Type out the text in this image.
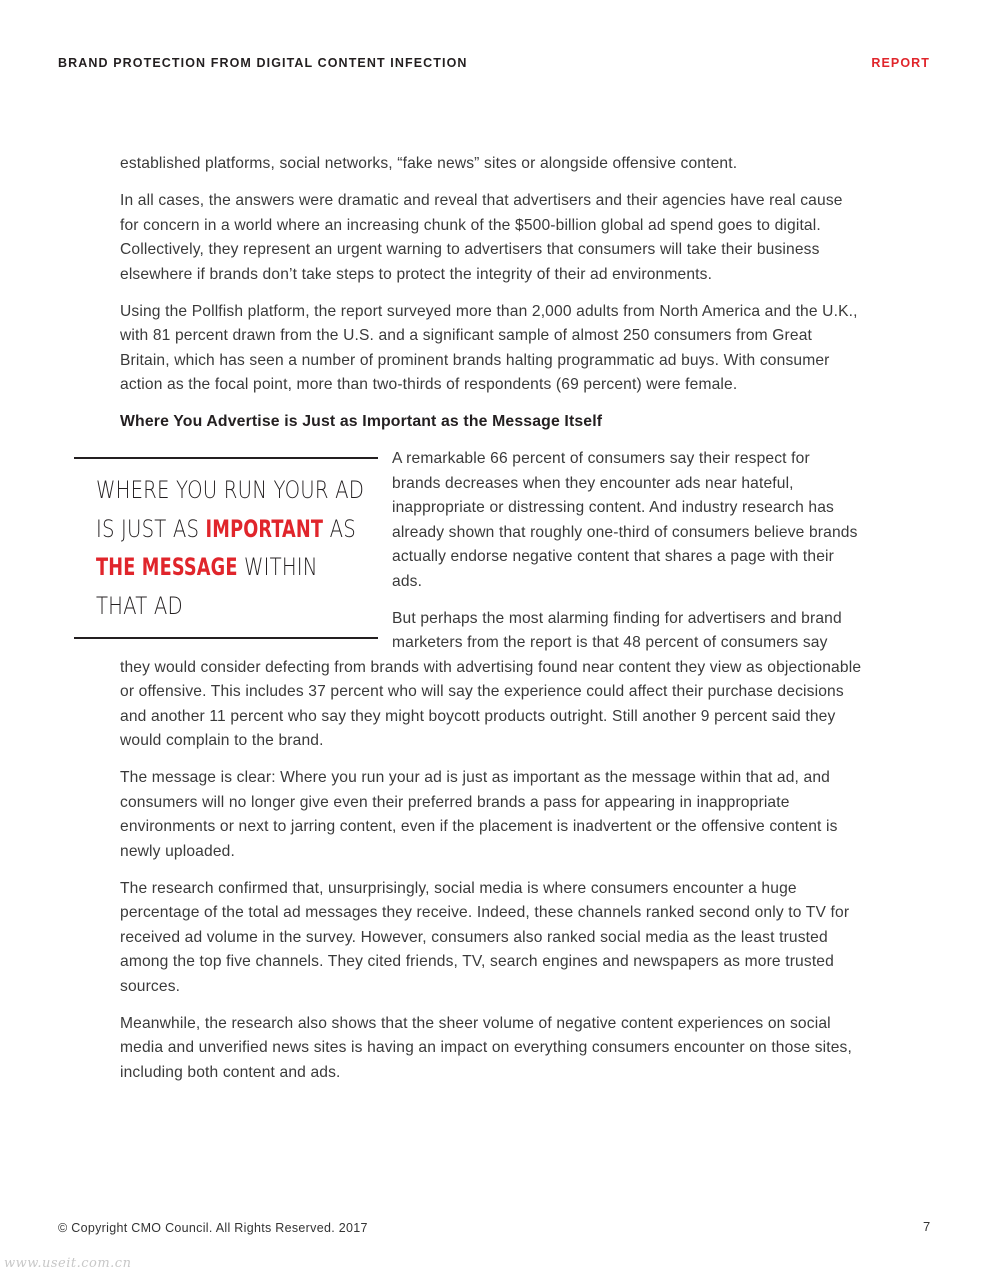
BRAND PROTECTION FROM DIGITAL CONTENT INFECTION	REPORT

established platforms, social networks, “fake news” sites or alongside offensive content.

In all cases, the answers were dramatic and reveal that advertisers and their agencies have real cause for concern in a world where an increasing chunk of the $500-billion global ad spend goes to digital. Collectively, they represent an urgent warning to advertisers that consumers will take their business elsewhere if brands don’t take steps to protect the integrity of their ad environments.

Using the Pollfish platform, the report surveyed more than 2,000 adults from North America and the U.K., with 81 percent drawn from the U.S. and a significant sample of almost 250 consumers from Great Britain, which has seen a number of prominent brands halting programmatic ad buys. With consumer action as the focal point, more than two-thirds of respondents (69 percent) were female.

Where You Advertise is Just as Important as the Message Itself

WHERE YOU RUN YOUR AD IS JUST AS IMPORTANT AS THE MESSAGE WITHIN THAT AD

A remarkable 66 percent of consumers say their respect for brands decreases when they encounter ads near hateful, inappropriate or distressing content. And industry research has already shown that roughly one-third of consumers believe brands actually endorse negative content that shares a page with their ads.

But perhaps the most alarming finding for advertisers and brand marketers from the report is that 48 percent of consumers say they would consider defecting from brands with advertising found near content they view as objectionable or offensive. This includes 37 percent who will say the experience could affect their purchase decisions and another 11 percent who say they might boycott products outright. Still another 9 percent said they would complain to the brand.

The message is clear: Where you run your ad is just as important as the message within that ad, and consumers will no longer give even their preferred brands a pass for appearing in inappropriate environments or next to jarring content, even if the placement is inadvertent or the offensive content is newly uploaded.

The research confirmed that, unsurprisingly, social media is where consumers encounter a huge percentage of the total ad messages they receive. Indeed, these channels ranked second only to TV for received ad volume in the survey. However, consumers also ranked social media as the least trusted among the top five channels. They cited friends, TV, search engines and newspapers as more trusted sources.

Meanwhile, the research also shows that the sheer volume of negative content experiences on social media and unverified news sites is having an impact on everything consumers encounter on those sites, including both content and ads.

© Copyright CMO Council. All Rights Reserved. 2017	7
www.useit.com.cn
